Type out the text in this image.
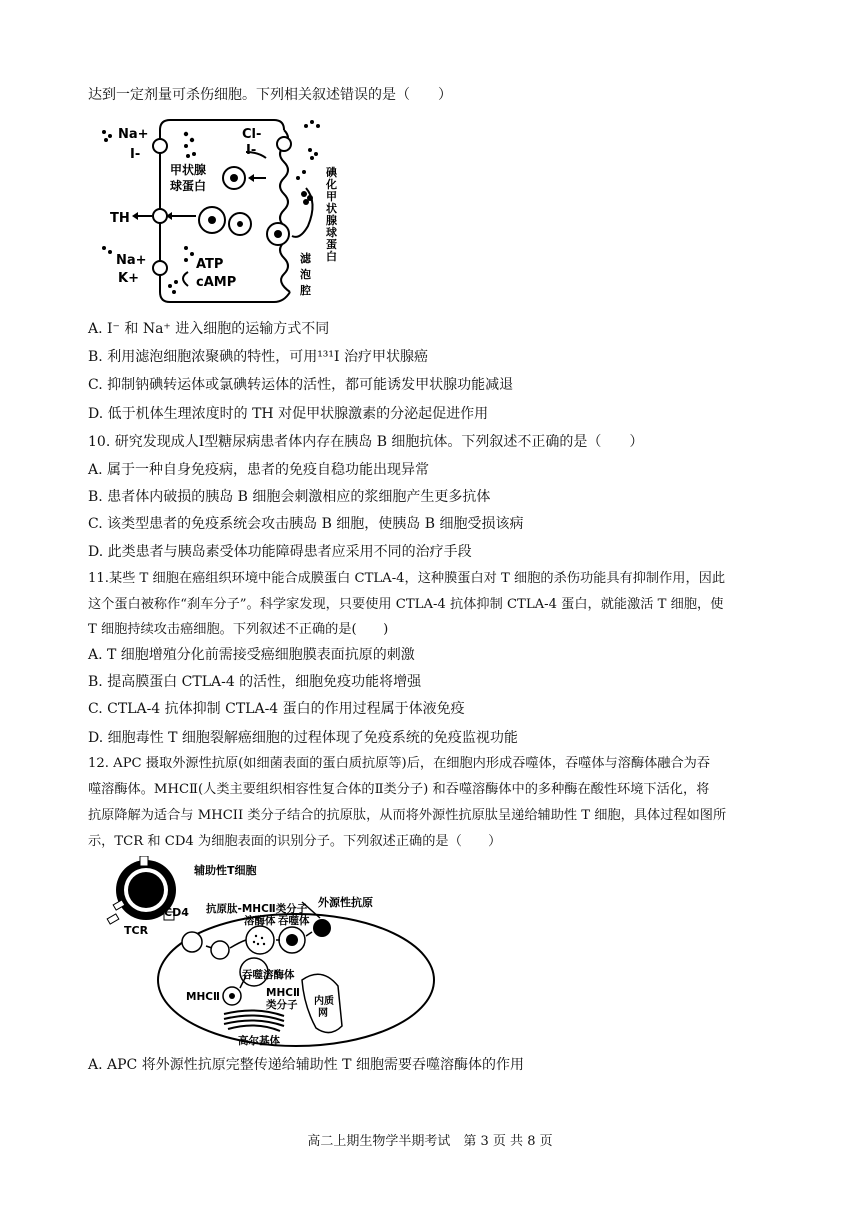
达到一定剂量可杀伤细胞。下列相关叙述错误的是（　　）
Na+
I-
Cl-
I-
甲状腺
球蛋白
碘
化
甲
状
腺
球
蛋
白
TH
Na+
K+
ATP
cAMP
滤
泡
腔
A. I⁻ 和 Na⁺ 进入细胞的运输方式不同
B. 利用滤泡细胞浓聚碘的特性，可用¹³¹I 治疗甲状腺癌
C. 抑制钠碘转运体或氯碘转运体的活性，都可能诱发甲状腺功能减退
D. 低于机体生理浓度时的 TH 对促甲状腺激素的分泌起促进作用
10. 研究发现成人Ⅰ型糖尿病患者体内存在胰岛 B 细胞抗体。下列叙述不正确的是（　　）
A. 属于一种自身免疫病，患者的免疫自稳功能出现异常
B. 患者体内破损的胰岛 B 细胞会刺激相应的浆细胞产生更多抗体
C. 该类型患者的免疫系统会攻击胰岛 B 细胞，使胰岛 B 细胞受损该病
D. 此类患者与胰岛素受体功能障碍患者应采用不同的治疗手段
11.某些 T 细胞在癌组织环境中能合成膜蛋白 CTLA-4，这种膜蛋白对 T 细胞的杀伤功能具有抑制作用，因此
这个蛋白被称作“刹车分子”。科学家发现，只要使用 CTLA-4 抗体抑制 CTLA-4 蛋白，就能激活 T 细胞，使
T 细胞持续攻击癌细胞。下列叙述不正确的是(　　)
A. T 细胞增殖分化前需接受癌细胞膜表面抗原的刺激
B. 提高膜蛋白 CTLA-4 的活性，细胞免疫功能将增强
C. CTLA-4 抗体抑制 CTLA-4 蛋白的作用过程属于体液免疫
D. 细胞毒性 T 细胞裂解癌细胞的过程体现了免疫系统的免疫监视功能
12. APC 摄取外源性抗原(如细菌表面的蛋白质抗原等)后，在细胞内形成吞噬体，吞噬体与溶酶体融合为吞
噬溶酶体。MHCⅡ(人类主要组织相容性复合体的Ⅱ类分子) 和吞噬溶酶体中的多种酶在酸性环境下活化，将
抗原降解为适合与 MHCII 类分子结合的抗原肽，从而将外源性抗原肽呈递给辅助性 T 细胞，具体过程如图所
示，TCR 和 CD4 为细胞表面的识别分子。下列叙述正确的是（　　）
辅助性T细胞
CD4
TCR
抗原肽-MHCⅡ类分子 外源性抗原
溶酶体 吞噬体
吞噬溶酶体
MHCⅡ	MHCⅡ
类分子 内质
网
高尔基体
A. APC 将外源性抗原完整传递给辅助性 T 细胞需要吞噬溶酶体的作用
高二上期生物学半期考试　第 3 页 共 8 页
